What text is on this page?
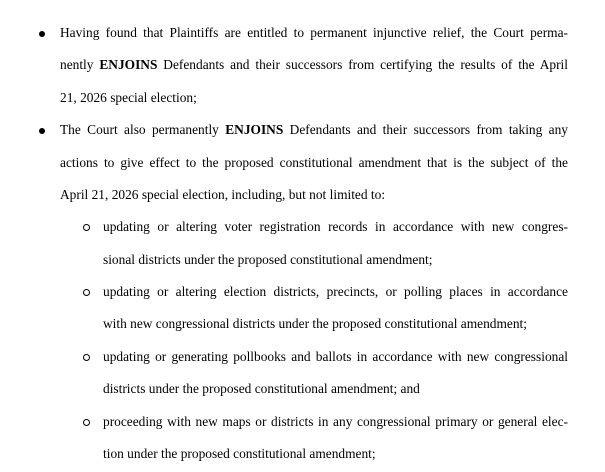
Having found that Plaintiffs are entitled to permanent injunctive relief, the Court perma-
nently ENJOINS Defendants and their successors from certifying the results of the April
21, 2026 special election;
The Court also permanently ENJOINS Defendants and their successors from taking any
actions to give effect to the proposed constitutional amendment that is the subject of the
April 21, 2026 special election, including, but not limited to:
updating or altering voter registration records in accordance with new congres-
sional districts under the proposed constitutional amendment;
updating or altering election districts, precincts, or polling places in accordance
with new congressional districts under the proposed constitutional amendment;
updating or generating pollbooks and ballots in accordance with new congressional
districts under the proposed constitutional amendment; and
proceeding with new maps or districts in any congressional primary or general elec-
tion under the proposed constitutional amendment;
